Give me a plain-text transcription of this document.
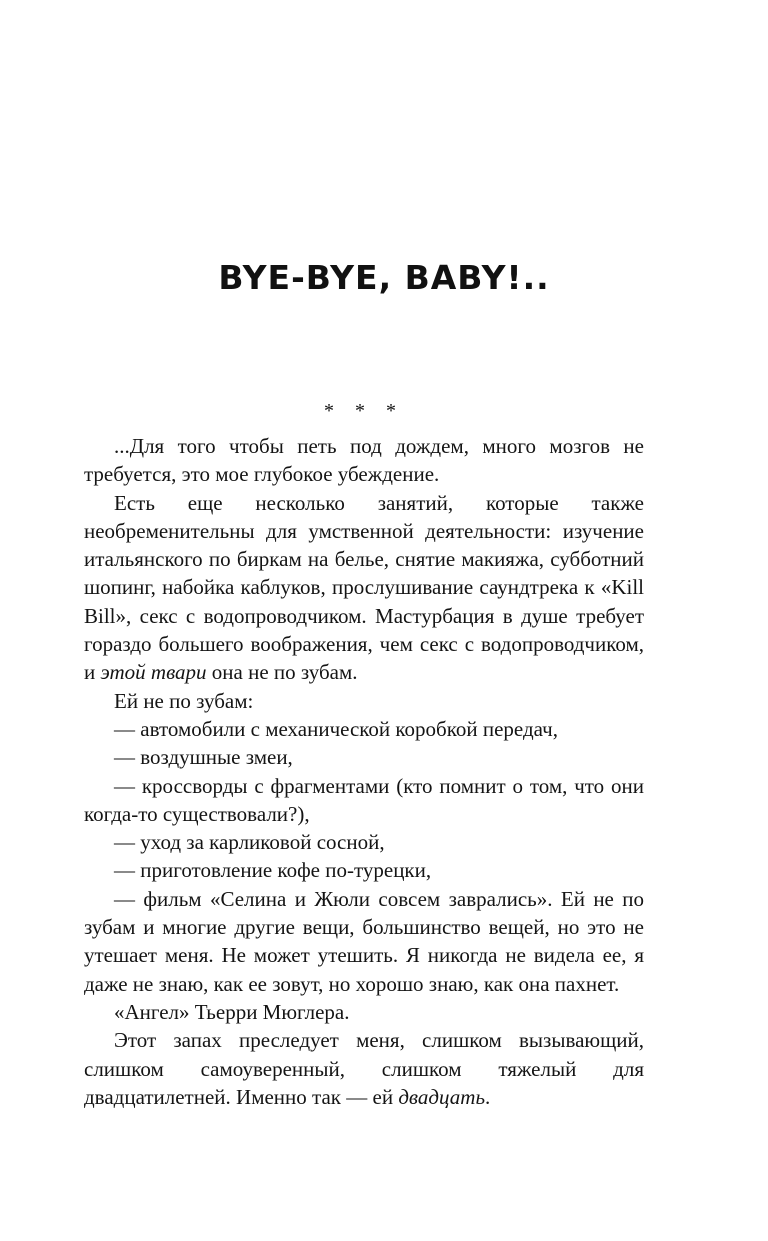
BYE-BYE, BABY!..
* * *

...Для того чтобы петь под дождем, много мозгов не требуется, это мое глубокое убеждение.

Есть еще несколько занятий, которые также необременительны для умственной деятельности: изучение итальянского по биркам на белье, снятие макияжа, субботний шопинг, набойка каблуков, прослушивание саундтрека к «Kill Bill», секс с водопроводчиком. Мастурбация в душе требует гораздо большего воображения, чем секс с водопроводчиком, и этой твари она не по зубам.

Ей не по зубам:

— автомобили с механической коробкой передач,

— воздушные змеи,

— кроссворды с фрагментами (кто помнит о том, что они когда-то существовали?),

— уход за карликовой сосной,

— приготовление кофе по-турецки,

— фильм «Селина и Жюли совсем заврались». Ей не по зубам и многие другие вещи, большинство вещей, но это не утешает меня. Не может утешить. Я никогда не видела ее, я даже не знаю, как ее зовут, но хорошо знаю, как она пахнет.

«Ангел» Тьерри Мюглера.

Этот запах преследует меня, слишком вызывающий, слишком самоуверенный, слишком тяжелый для двадцатилетней. Именно так — ей двадцать.
